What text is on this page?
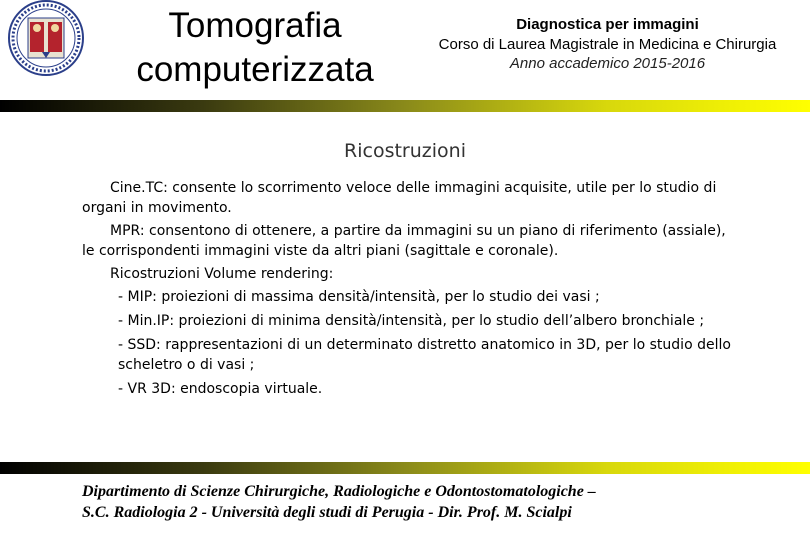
Tomografia
computerizzata
Diagnostica per immagini
Corso di Laurea Magistrale in Medicina e Chirurgia
Anno accademico 2015-2016
Ricostruzioni

Cine.TC: consente lo scorrimento veloce delle immagini acquisite, utile per lo studio di organi in movimento.

MPR: consentono di ottenere, a partire da immagini su un piano di riferimento (assiale), le corrispondenti immagini viste da altri piani (sagittale e coronale).

Ricostruzioni Volume rendering:

- MIP: proiezioni di massima densità/intensità, per lo studio dei vasi ;

- Min.IP: proiezioni di minima densità/intensità, per lo studio dell’albero bronchiale ;

- SSD: rappresentazioni di un determinato distretto anatomico in 3D, per lo studio dello scheletro o di vasi ;

- VR 3D: endoscopia virtuale.

Dipartimento di Scienze Chirurgiche, Radiologiche e Odontostomatologiche –
S.C. Radiologia 2 - Università degli studi di Perugia - Dir. Prof. M. Scialpi
